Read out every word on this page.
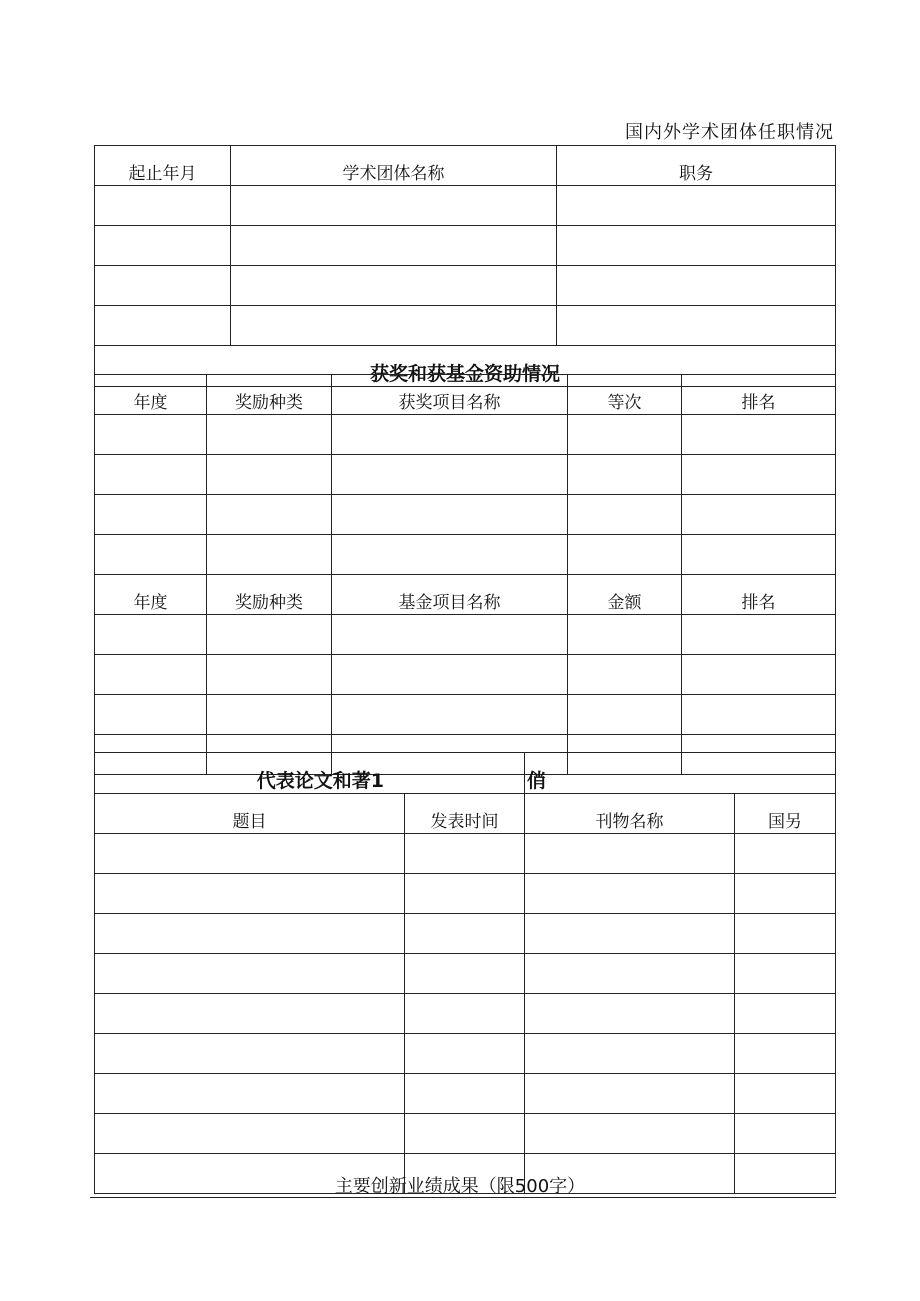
国内外学术团体任职情况
起止年月	学术团体名称	职务

获奖和获基金资助情况		
年度	奖励种类	获奖项目名称	等次	排名

年度	奖励种类	基金项目名称	金额	排名

代表论文和著1		俏	
题目	发表时间	刊物名称	国另

主要创新业绩成果（限500字）
